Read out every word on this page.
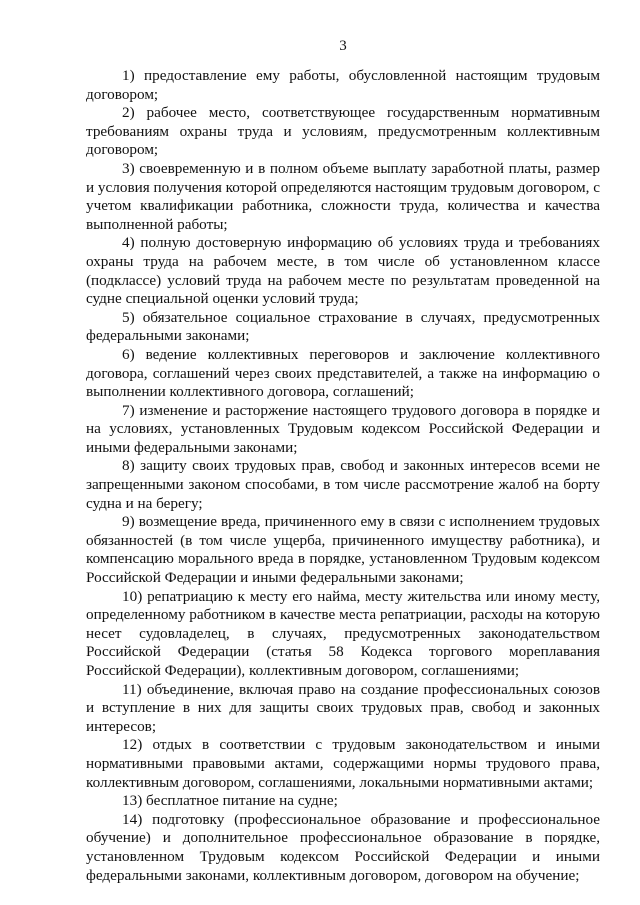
3

1) предоставление ему работы, обусловленной настоящим трудовым договором;

2) рабочее место, соответствующее государственным нормативным требованиям охраны труда и условиям, предусмотренным коллективным договором;

3) своевременную и в полном объеме выплату заработной платы, размер и условия получения которой определяются настоящим трудовым договором, с учетом квалификации работника, сложности труда, количества и качества выполненной работы;

4) полную достоверную информацию об условиях труда и требованиях охраны труда на рабочем месте, в том числе об установленном классе (подклассе) условий труда на рабочем месте по результатам проведенной на судне специальной оценки условий труда;

5) обязательное социальное страхование в случаях, предусмотренных федеральными законами;

6) ведение коллективных переговоров и заключение коллективного договора, соглашений через своих представителей, а также на информацию о выполнении коллективного договора, соглашений;

7) изменение и расторжение настоящего трудового договора в порядке и на условиях, установленных Трудовым кодексом Российской Федерации и иными федеральными законами;

8) защиту своих трудовых прав, свобод и законных интересов всеми не запрещенными законом способами, в том числе рассмотрение жалоб на борту судна и на берегу;

9) возмещение вреда, причиненного ему в связи с исполнением трудовых обязанностей (в том числе ущерба, причиненного имуществу работника), и компенсацию морального вреда в порядке, установленном Трудовым кодексом Российской Федерации и иными федеральными законами;

10) репатриацию к месту его найма, месту жительства или иному месту, определенному работником в качестве места репатриации, расходы на которую несет судовладелец, в случаях, предусмотренных законодательством Российской Федерации (статья 58 Кодекса торгового мореплавания Российской Федерации), коллективным договором, соглашениями;

11) объединение, включая право на создание профессиональных союзов и вступление в них для защиты своих трудовых прав, свобод и законных интересов;

12) отдых в соответствии с трудовым законодательством и иными нормативными правовыми актами, содержащими нормы трудового права, коллективным договором, соглашениями, локальными нормативными актами;

13) бесплатное питание на судне;

14) подготовку (профессиональное образование и профессиональное обучение) и дополнительное профессиональное образование в порядке, установленном Трудовым кодексом Российской Федерации и иными федеральными законами, коллективным договором, договором на обучение;
